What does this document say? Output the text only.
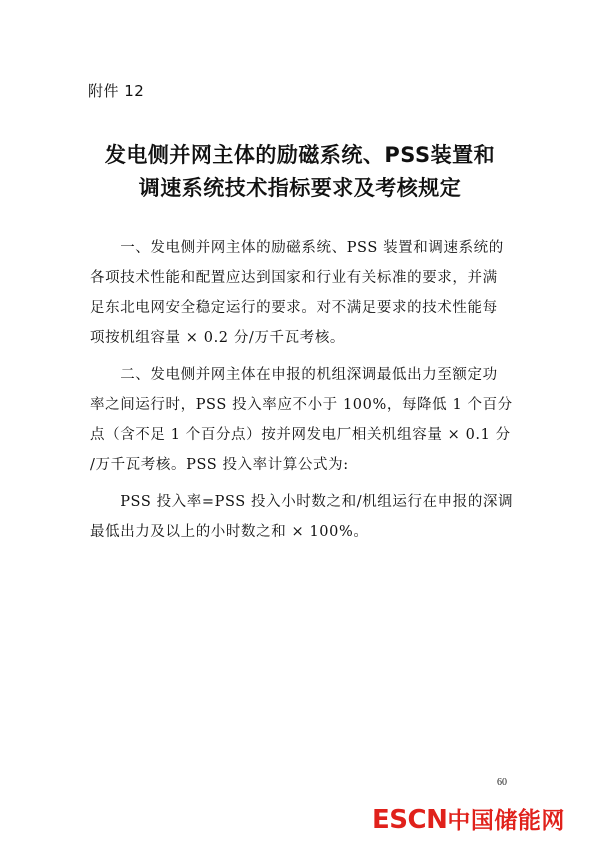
附件 12
发电侧并网主体的励磁系统、PSS装置和
调速系统技术指标要求及考核规定
　　一、发电侧并网主体的励磁系统、PSS 装置和调速系统的
各项技术性能和配置应达到国家和行业有关标准的要求，并满
足东北电网安全稳定运行的要求。对不满足要求的技术性能每
项按机组容量 × 0.2 分/万千瓦考核。
　　二、发电侧并网主体在申报的机组深调最低出力至额定功
率之间运行时，PSS 投入率应不小于 100%，每降低 1 个百分
点（含不足 1 个百分点）按并网发电厂相关机组容量 × 0.1 分
/万千瓦考核。PSS 投入率计算公式为:
　　PSS 投入率=PSS 投入小时数之和/机组运行在申报的深调
最低出力及以上的小时数之和 × 100%。
60
ESCN中国储能网
